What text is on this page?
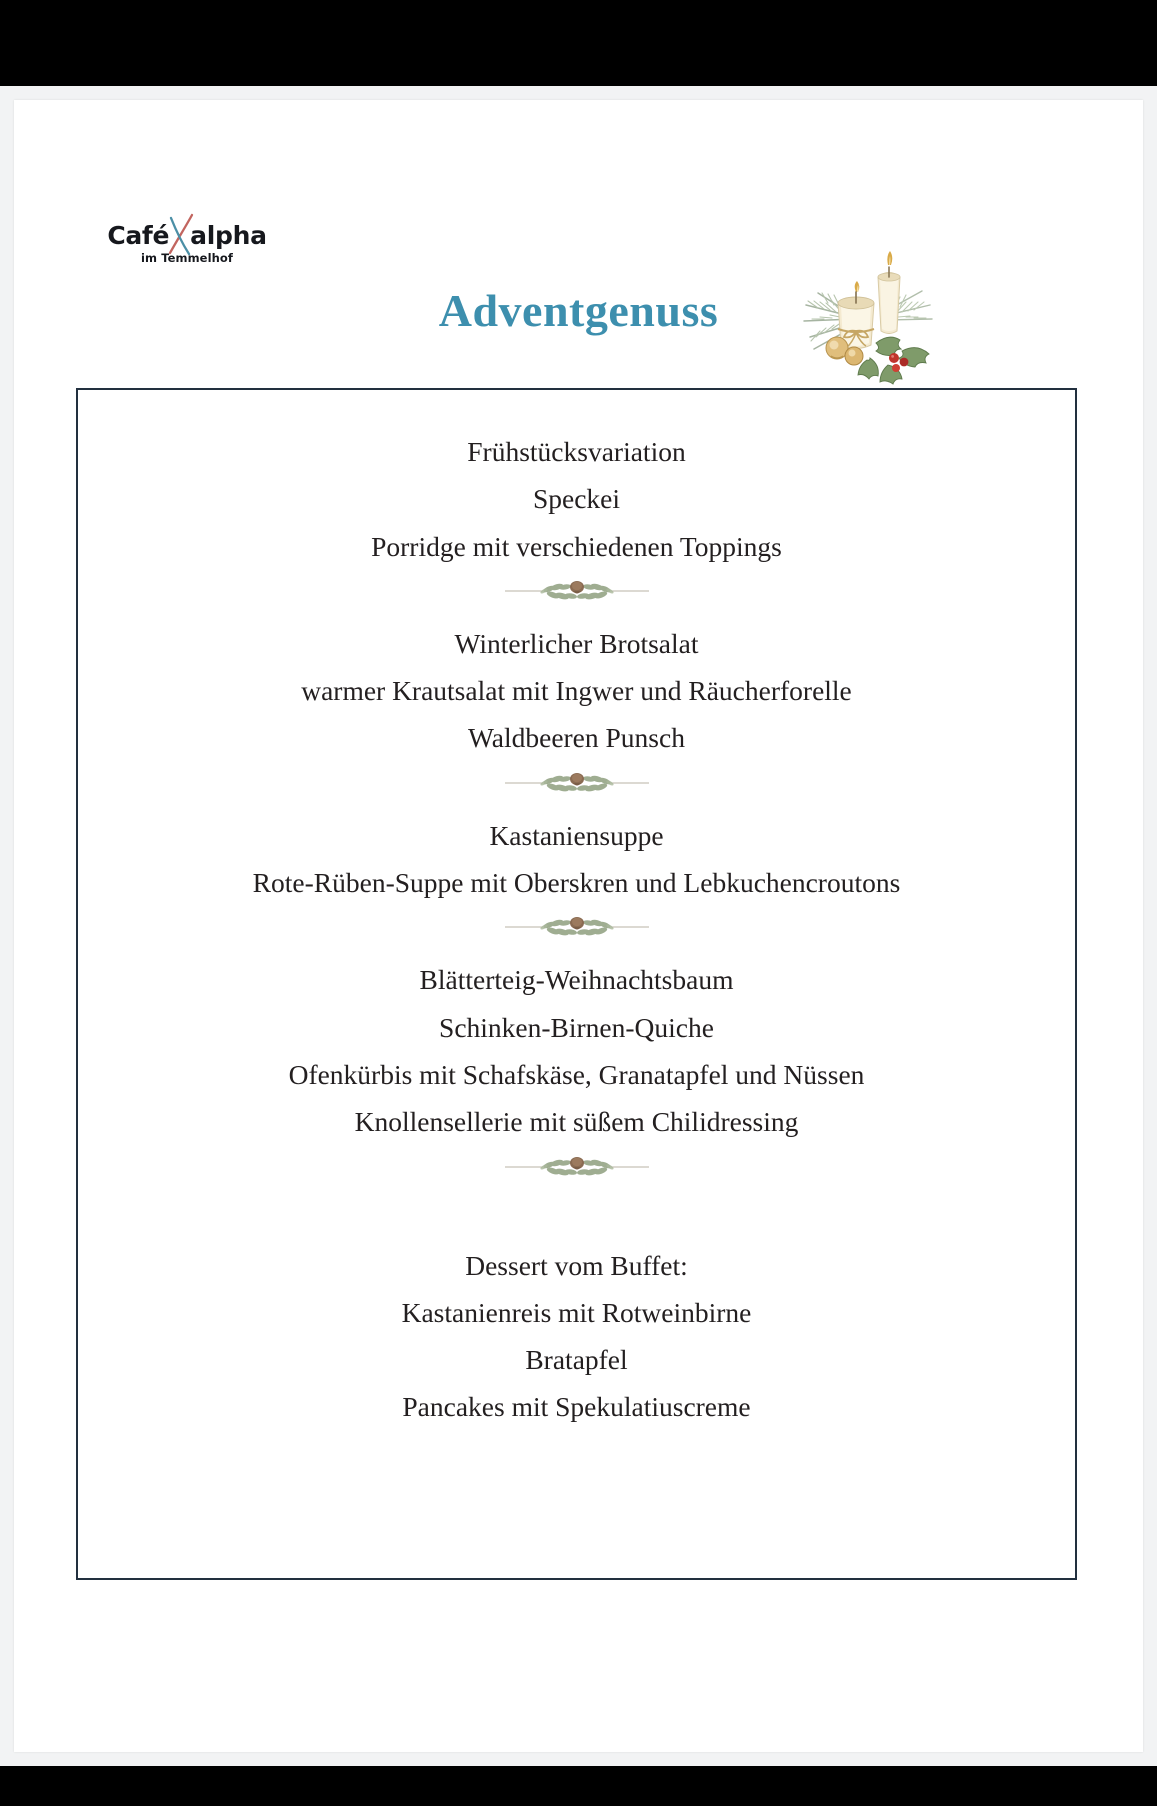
Café alpha
im Temmelhof
Adventgenuss
Frühstücksvariation
Speckei
Porridge mit verschiedenen Toppings
Winterlicher Brotsalat
warmer Krautsalat mit Ingwer und Räucherforelle
Waldbeeren Punsch
Kastaniensuppe
Rote-Rüben-Suppe mit Oberskren und Lebkuchencroutons
Blätterteig-Weihnachtsbaum
Schinken-Birnen-Quiche
Ofenkürbis mit Schafskäse, Granatapfel und Nüssen
Knollensellerie mit süßem Chilidressing
Dessert vom Buffet:
Kastanienreis mit Rotweinbirne
Bratapfel
Pancakes mit Spekulatiuscreme
